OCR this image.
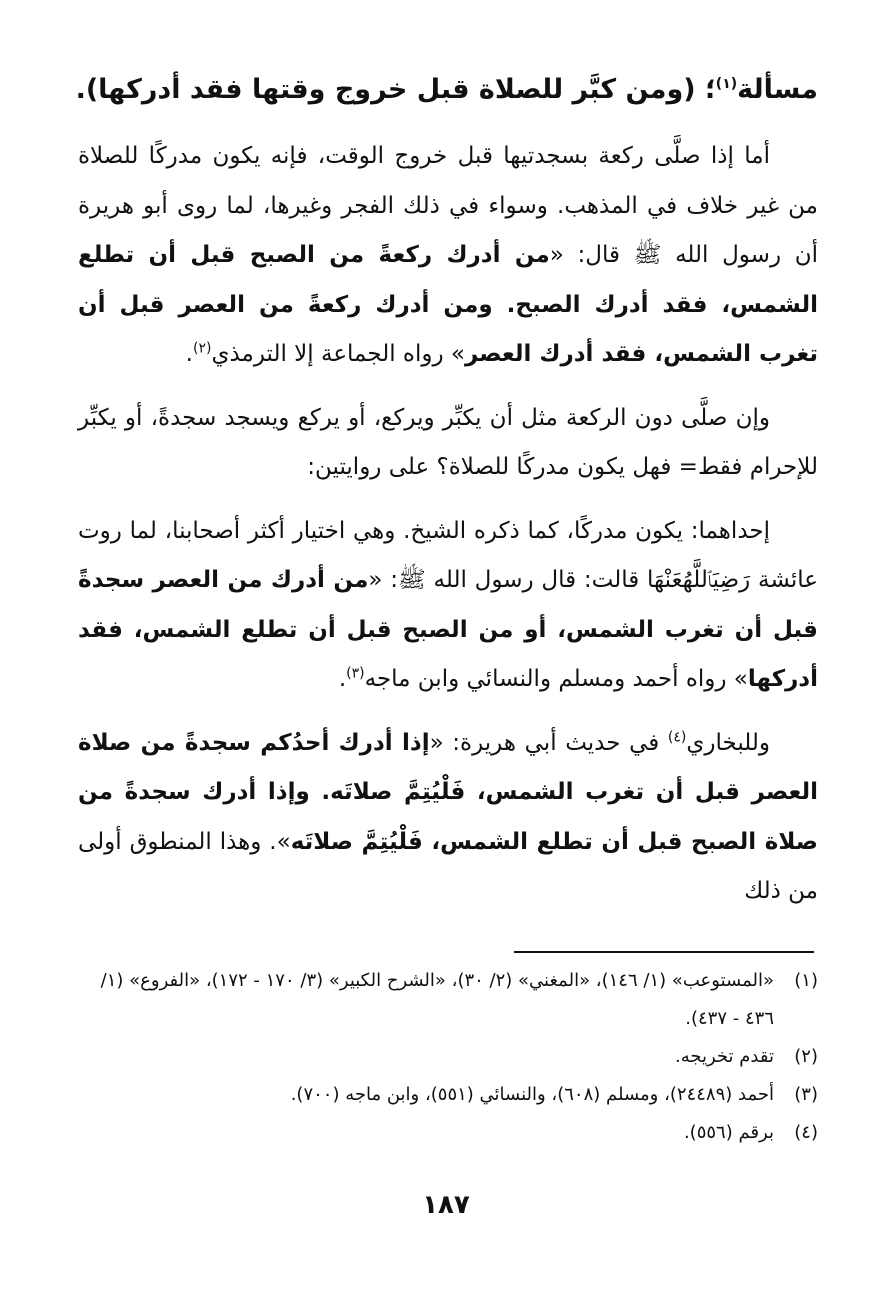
مسألة$^{(١)}$؛ (ومن كبَّر للصلاة قبل خروج وقتها فقد أدركها).
أما إذا صلَّى ركعة بسجدتيها قبل خروج الوقت، فإنه يكون مدركًا للصلاة من غير خلاف في المذهب. وسواء في ذلك الفجر وغيرها، لما روى أبو هريرة أن رسول الله ﷺ قال: «من أدرك ركعةً من الصبح قبل أن تطلع الشمس، فقد أدرك الصبح. ومن أدرك ركعةً من العصر قبل أن تغرب الشمس، فقد أدرك العصر» رواه الجماعة إلا الترمذي$^{(٢)}$.
وإن صلَّى دون الركعة مثل أن يكبِّر ويركع، أو يركع ويسجد سجدةً، أو يكبِّر للإحرام فقط= فهل يكون مدركًا للصلاة؟ على روايتين:
إحداهما: يكون مدركًا، كما ذكره الشيخ. وهي اختيار أكثر أصحابنا، لما روت عائشة رَضِيَٱللَّهُعَنْهَا قالت: قال رسول الله ﷺ: «من أدرك من العصر سجدةً قبل أن تغرب الشمس، أو من الصبح قبل أن تطلع الشمس، فقد أدركها» رواه أحمد ومسلم والنسائي وابن ماجه$^{(٣)}$.
وللبخاري$^{(٤)}$ في حديث أبي هريرة: «إذا أدرك أحدُكم سجدةً من صلاة العصر قبل أن تغرب الشمس، فَلْيُتِمَّ صلاتَه. وإذا أدرك سجدةً من صلاة الصبح قبل أن تطلع الشمس، فَلْيُتِمَّ صلاتَه». وهذا المنطوق أولى من ذلك
(١)
«المستوعب» (١/ ١٤٦)، «المغني» (٢/ ٣٠)، «الشرح الكبير» (٣/ ١٧٠ - ١٧٢)، «الفروع» (١/ ٤٣٦ - ٤٣٧).
(٢)
تقدم تخريجه.
(٣)
أحمد (٢٤٤٨٩)، ومسلم (٦٠٨)، والنسائي (٥٥١)، وابن ماجه (٧٠٠).
(٤)
برقم (٥٥٦).
١٨٧
